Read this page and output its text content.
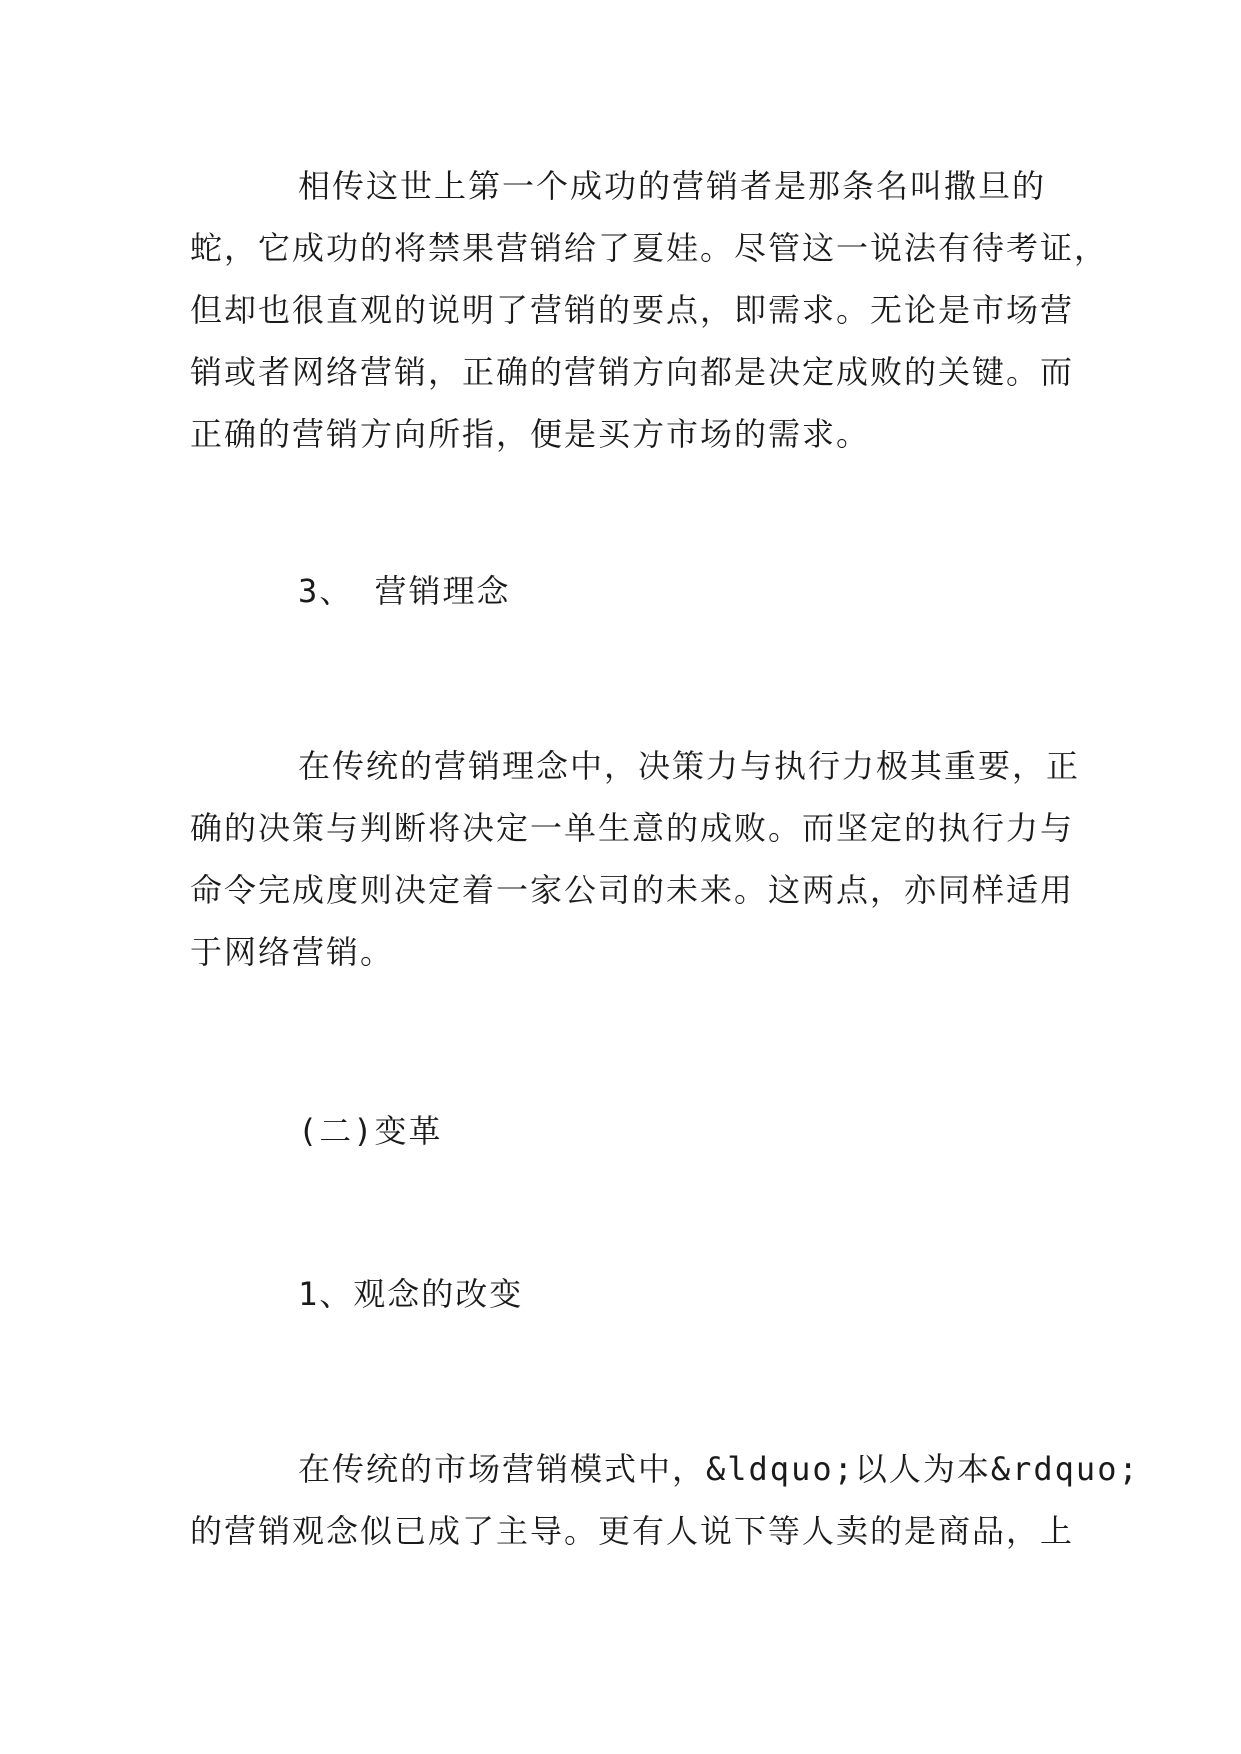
相传这世上第一个成功的营销者是那条名叫撒旦的
蛇，它成功的将禁果营销给了夏娃。尽管这一说法有待考证，
但却也很直观的说明了营销的要点，即需求。无论是市场营
销或者网络营销，正确的营销方向都是决定成败的关键。而
正确的营销方向所指，便是买方市场的需求。
3、 营销理念
在传统的营销理念中，决策力与执行力极其重要，正
确的决策与判断将决定一单生意的成败。而坚定的执行力与
命令完成度则决定着一家公司的未来。这两点，亦同样适用
于网络营销。
(二)变革
1、观念的改变
在传统的市场营销模式中，&ldquo;以人为本&rdquo;
的营销观念似已成了主导。更有人说下等人卖的是商品，上
